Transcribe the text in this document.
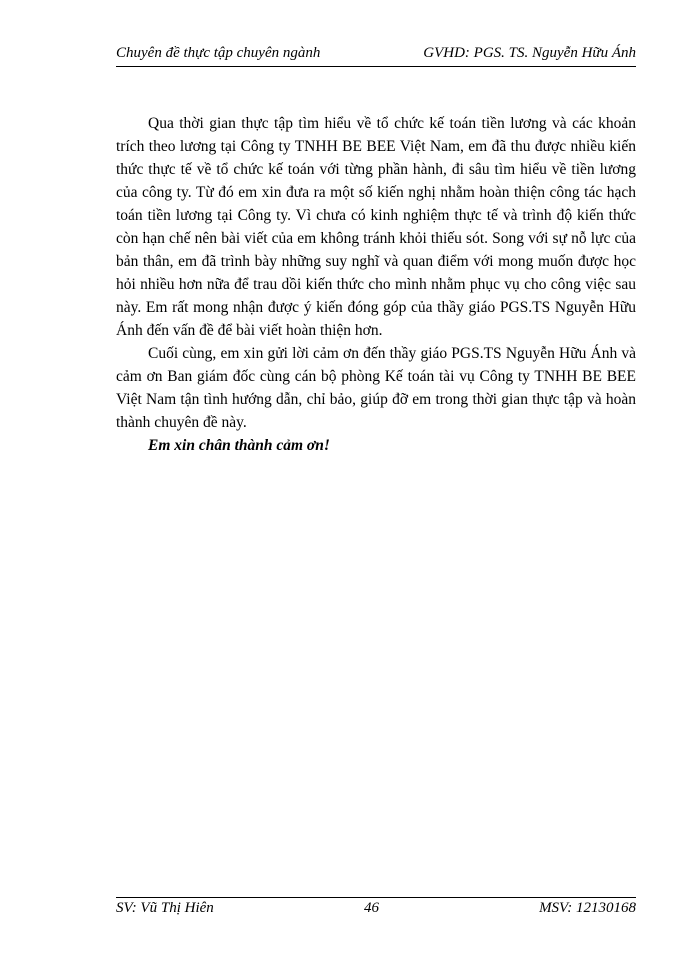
Chuyên đề thực tập chuyên ngành	GVHD: PGS. TS. Nguyễn Hữu Ánh

Qua thời gian thực tập tìm hiểu về tổ chức kế toán tiền lương và các khoản trích theo lương tại Công ty TNHH BE BEE Việt Nam, em đã thu được nhiều kiến thức thực tế về tổ chức kế toán với từng phần hành, đi sâu tìm hiểu về tiền lương của công ty. Từ đó em xin đưa ra một số kiến nghị nhằm hoàn thiện công tác hạch toán tiền lương tại Công ty. Vì chưa có kinh nghiệm thực tế và trình độ kiến thức còn hạn chế nên bài viết của em không tránh khỏi thiếu sót. Song với sự nỗ lực của bản thân, em đã trình bày những suy nghĩ và quan điểm với mong muốn được học hỏi nhiều hơn nữa để trau dồi kiến thức cho mình nhằm phục vụ cho công việc sau này. Em rất mong nhận được ý kiến đóng góp của thầy giáo PGS.TS Nguyễn Hữu Ánh đến vấn đề để bài viết hoàn thiện hơn.

Cuối cùng, em xin gửi lời cảm ơn đến thầy giáo PGS.TS Nguyễn Hữu Ánh và cảm ơn Ban giám đốc cùng cán bộ phòng Kế toán tài vụ Công ty TNHH BE BEE Việt Nam tận tình hướng dẫn, chỉ bảo, giúp đỡ em trong thời gian thực tập và hoàn thành chuyên đề này.

Em xin chân thành cảm ơn!

SV: Vũ Thị Hiên	46	MSV: 12130168
